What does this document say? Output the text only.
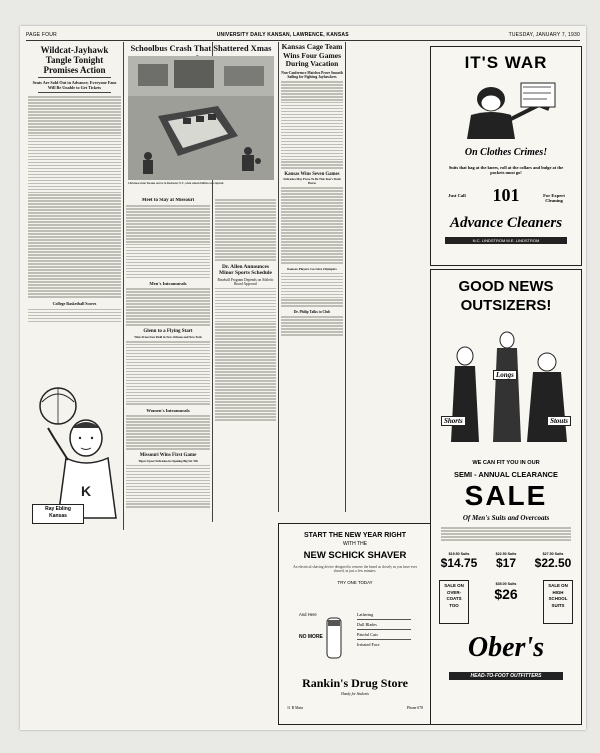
PAGE FOUR	UNIVERSITY DAILY KANSAN, LAWRENCE, KANSAS	TUESDAY, JANUARY 7, 1930
Wildcat-Jayhawk Tangle Tonight Promises Action
Seats Are Sold Out in Advance; Everyone Fans Will Be Unable to Get Tickets
College Basketball Scores
K
Ray Ebling Kansas
Schoolbus Crash That Shattered Xmas
Christmas cheer became sorrow in Rochester, N.Y., when school children were injured
Meet to Stay at Missouri
Men's Intramurals
Glenn to a Flying Start
Wins From Fast Field in New Orleans and New York
Women's Intramurals
Missouri Wins First Game
Tigers Upset Nebraska in Opening Big Six Tilt
Dr. Allen Announces Minor Sports Schedule
Baseball Program Depends on Athletic Board Approval
Kansas Cage Team Wins Four Games During Vacation
Non-Conference Matches Prove Smooth Sailing for Fighting Jayhawkers
Kansas Wins Seven Games
Nebraska May Prove To Be This Year's Dark Horse
Kansas Players Go Give Olympics
Dr. Philip Talks to Club
START THE NEW YEAR RIGHT
WITH THE
NEW SCHICK SHAVER
An electrical shaving device designed to remove the beard as closely as you have ever shaved, in just a few minutes.
TRY ONE TODAY
And Here
NO MORE
Lathering
Dull Blades
Painful Cuts
Irritated Face
Rankin's Drug Store
Handy for Students
11 B Main	Phone 678
IT'S WAR
On Clothes Crimes!
Suits that bag at the knees, roll at the collars and bulge at the pockets must go!
Just Call	101	For Expert Cleaning
Advance Cleaners
N.C. LINDSTROM M.E. LINDSTROM
GOOD NEWS
OUTSIZERS!
Longs
Shorts	Stouts
WE CAN FIT YOU IN OUR
SEMI - ANNUAL CLEARANCE
SALE
Of Men's Suits and Overcoats
$19.50 Suits
$14.75
$22.50 Suits
$17
$27.50 Suits
$22.50
SALE ON OVER-COATS TOO
$35.00 Suits
$26
SALE ON HIGH SCHOOL SUITS
Ober's
HEAD-TO-FOOT OUTFITTERS
